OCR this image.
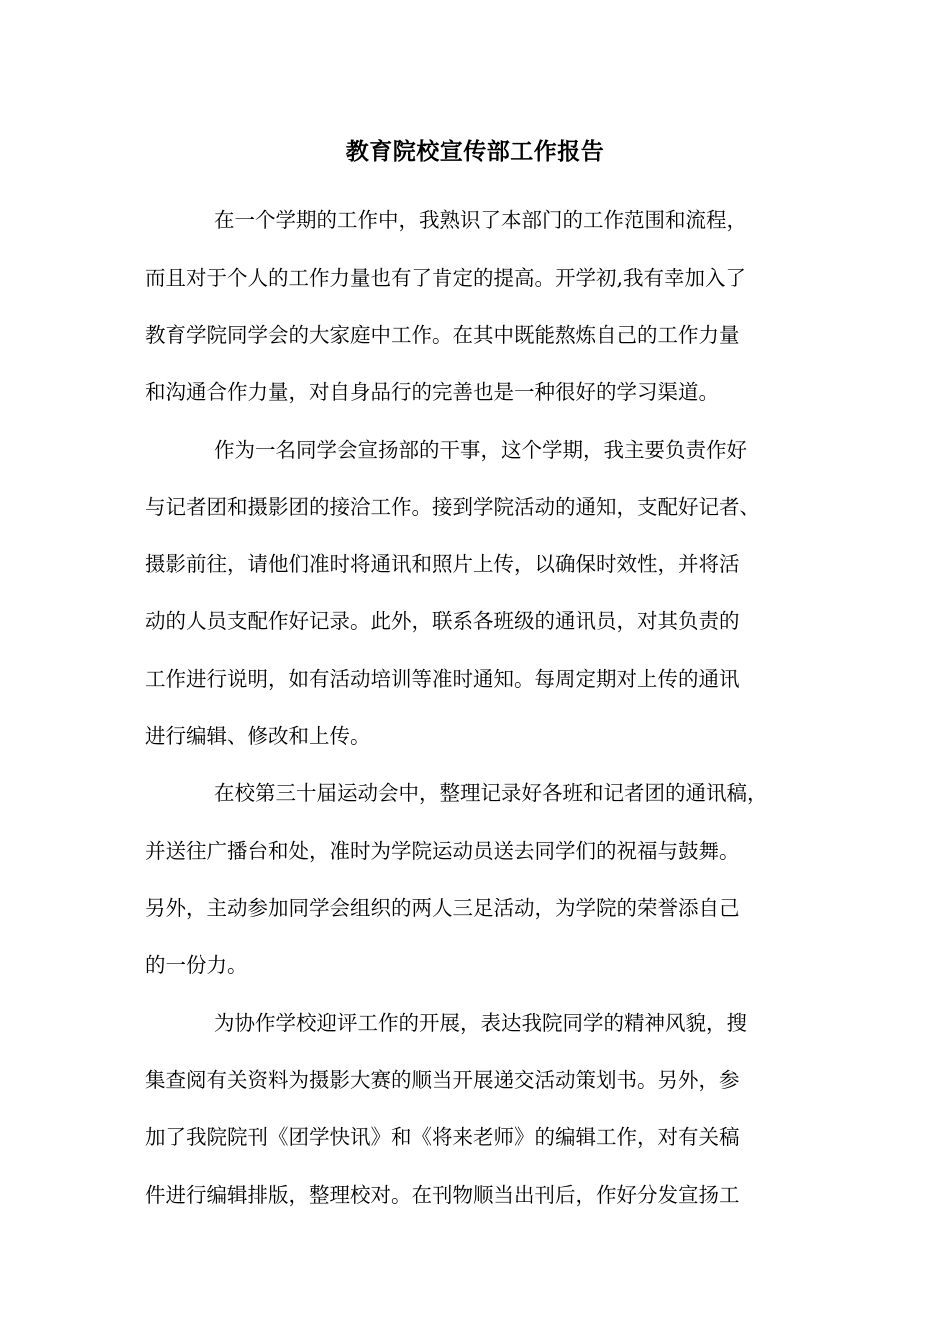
教育院校宣传部工作报告
在一个学期的工作中，我熟识了本部门的工作范围和流程，
而且对于个人的工作力量也有了肯定的提高。开学初,我有幸加入了
教育学院同学会的大家庭中工作。在其中既能熬炼自己的工作力量
和沟通合作力量，对自身品行的完善也是一种很好的学习渠道。
作为一名同学会宣扬部的干事，这个学期，我主要负责作好
与记者团和摄影团的接洽工作。接到学院活动的通知，支配好记者、
摄影前往，请他们准时将通讯和照片上传，以确保时效性，并将活
动的人员支配作好记录。此外，联系各班级的通讯员，对其负责的
工作进行说明，如有活动培训等准时通知。每周定期对上传的通讯
进行编辑、修改和上传。
在校第三十届运动会中，整理记录好各班和记者团的通讯稿，
并送往广播台和处，准时为学院运动员送去同学们的祝福与鼓舞。
另外，主动参加同学会组织的两人三足活动，为学院的荣誉添自己
的一份力。
为协作学校迎评工作的开展，表达我院同学的精神风貌，搜
集查阅有关资料为摄影大赛的顺当开展递交活动策划书。另外，参
加了我院院刊《团学快讯》和《将来老师》的编辑工作，对有关稿
件进行编辑排版，整理校对。在刊物顺当出刊后，作好分发宣扬工
